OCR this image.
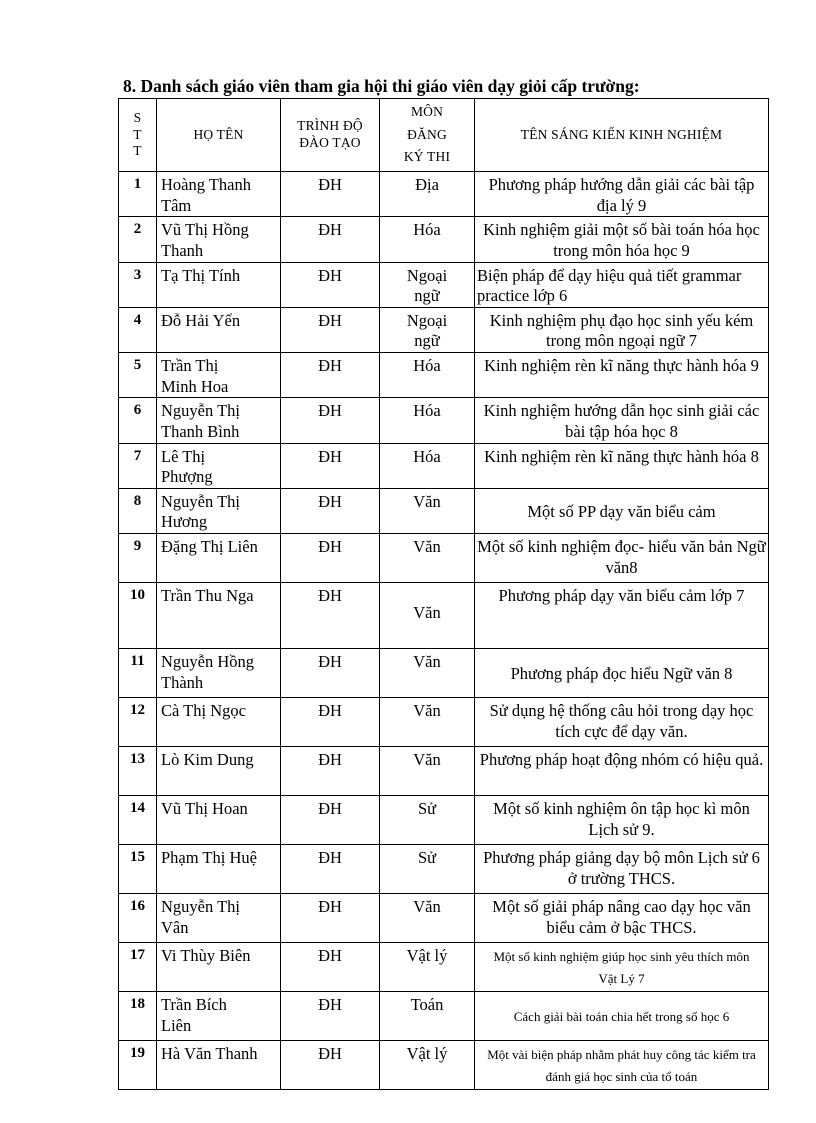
8. Danh sách giáo viên tham gia hội thi giáo viên dạy giỏi cấp trường:
STT	HỌ TÊN	TRÌNH ĐỘ ĐÀO TẠO	MÔN ĐĂNG KÝ THI	TÊN SÁNG KIẾN KINH NGHIỆM
1	Hoàng Thanh Tâm	ĐH	Địa	Phương pháp hướng dẫn giải các bài tập địa lý 9
2	Vũ Thị Hồng Thanh	ĐH	Hóa	Kinh nghiệm giải một số bài toán hóa học trong môn hóa học 9
3	Tạ Thị Tính	ĐH	Ngoại ngữ	Biện pháp để dạy hiệu quả tiết grammar practice lớp 6
4	Đỗ Hải Yến	ĐH	Ngoại ngữ	Kinh nghiệm phụ đạo học sinh yếu kém trong môn ngoại ngữ 7
5	Trần Thị Minh Hoa	ĐH	Hóa	Kinh nghiệm rèn kĩ năng thực hành hóa 9
6	Nguyễn Thị Thanh Bình	ĐH	Hóa	Kinh nghiệm hướng dẫn học sinh giải các bài tập hóa học 8
7	Lê Thị Phượng	ĐH	Hóa	Kinh nghiệm rèn kĩ năng thực hành hóa 8
8	Nguyễn Thị Hương	ĐH	Văn	Một số PP dạy văn biểu cảm
9	Đặng Thị Liên	ĐH	Văn	Một số kinh nghiệm đọc- hiểu văn bản Ngữ văn8
10	Trần Thu Nga	ĐH	Văn	Phương pháp dạy văn biểu cảm lớp 7
11	Nguyễn Hồng Thành	ĐH	Văn	Phương pháp đọc hiểu Ngữ văn 8
12	Cà Thị Ngọc	ĐH	Văn	Sử dụng hệ thống câu hỏi trong dạy học tích cực để dạy văn.
13	Lò Kim Dung	ĐH	Văn	Phương pháp hoạt động nhóm có hiệu quả.
14	Vũ Thị Hoan	ĐH	Sử	Một số kinh nghiệm ôn tập học kì môn Lịch sử 9.
15	Phạm Thị Huệ	ĐH	Sử	Phương pháp giảng dạy bộ môn Lịch sử 6 ở trường THCS.
16	Nguyễn Thị Vân	ĐH	Văn	Một số giải pháp nâng cao dạy học văn biểu cảm ở bậc THCS.
17	Vi Thùy Biên	ĐH	Vật lý	Một số kinh nghiệm giúp học sinh yêu thích môn Vật Lý 7
18	Trần Bích Liên	ĐH	Toán	Cách giải bài toán chia hết trong số học 6
19	Hà Văn Thanh	ĐH	Vật lý	Một vài biện pháp nhằm phát huy công tác kiểm tra đánh giá học sinh của tổ toán
